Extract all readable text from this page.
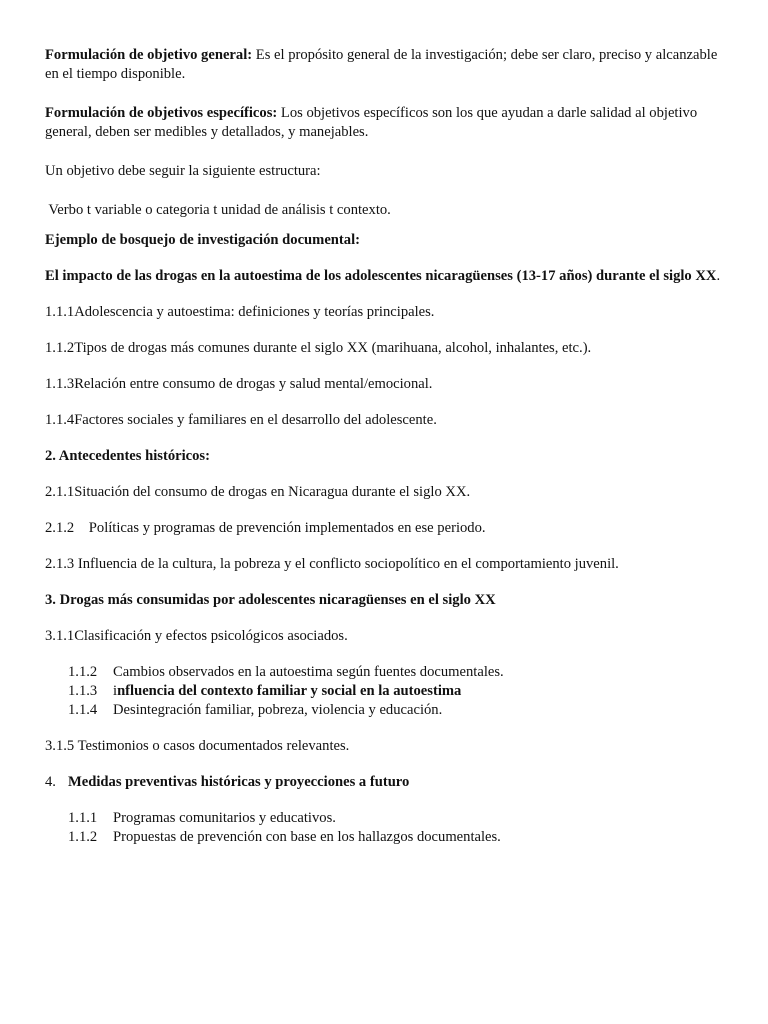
Formulación de objetivo general: Es el propósito general de la investigación; debe ser claro, preciso y alcanzable en el tiempo disponible.

Formulación de objetivos específicos: Los objetivos específicos son los que ayudan a darle salidad al objetivo general, deben ser medibles y detallados, y manejables.

Un objetivo debe seguir la siguiente estructura:

Verbo t variable o categoria t unidad de análisis t contexto.

Ejemplo de bosquejo de investigación documental:

El impacto de las drogas en la autoestima de los adolescentes nicaragüenses (13-17 años) durante el siglo XX.

1.1.1Adolescencia y autoestima: definiciones y teorías principales.

1.1.2Tipos de drogas más comunes durante el siglo XX (marihuana, alcohol, inhalantes, etc.).

1.1.3Relación entre consumo de drogas y salud mental/emocional.

1.1.4Factores sociales y familiares en el desarrollo del adolescente.

2. Antecedentes históricos:

2.1.1Situación del consumo de drogas en Nicaragua durante el siglo XX.

2.1.2    Políticas y programas de prevención implementados en ese periodo.

2.1.3 Influencia de la cultura, la pobreza y el conflicto sociopolítico en el comportamiento juvenil.

3. Drogas más consumidas por adolescentes nicaragüenses en el siglo XX

3.1.1Clasificación y efectos psicológicos asociados.

1.1.2	Cambios observados en la autoestima según fuentes documentales.
1.1.3	influencia del contexto familiar y social en la autoestima
1.1.4	Desintegración familiar, pobreza, violencia y educación.

3.1.5 Testimonios o casos documentados relevantes.

4. Medidas preventivas históricas y proyecciones a futuro

1.1.1	Programas comunitarios y educativos.
1.1.2	Propuestas de prevención con base en los hallazgos documentales.
